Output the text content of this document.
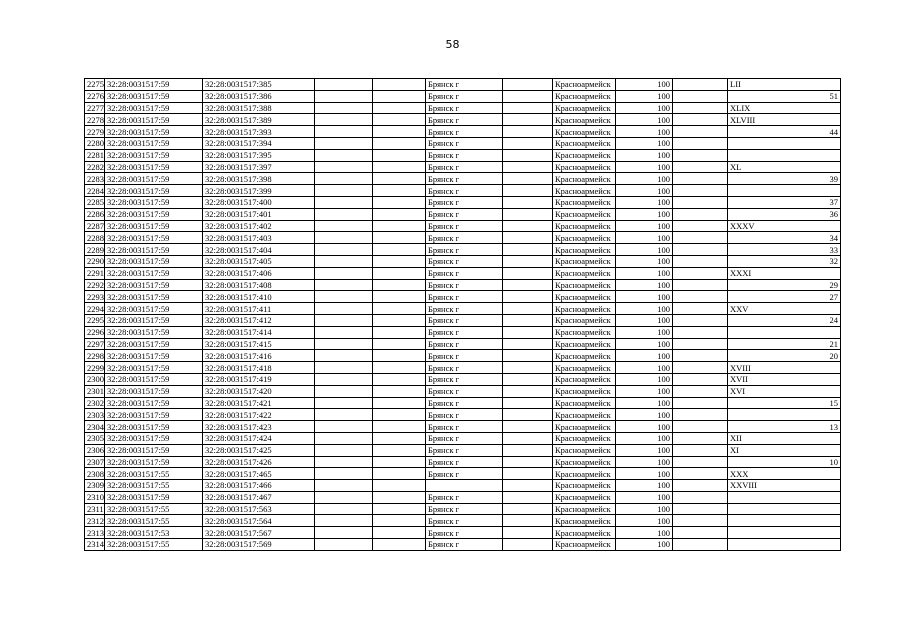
58
2275	32:28:0031517:59	32:28:0031517:385			Брянск г		Красноармейск	100		LII
2276	32:28:0031517:59	32:28:0031517:386			Брянск г		Красноармейск	100		51
2277	32:28:0031517:59	32:28:0031517:388			Брянск г		Красноармейск	100		XLIX
2278	32:28:0031517:59	32:28:0031517:389			Брянск г		Красноармейск	100		XLVIII
2279	32:28:0031517:59	32:28:0031517:393			Брянск г		Красноармейск	100		44
2280	32:28:0031517:59	32:28:0031517:394			Брянск г		Красноармейск	100		
2281	32:28:0031517:59	32:28:0031517:395			Брянск г		Красноармейск	100		
2282	32:28:0031517:59	32:28:0031517:397			Брянск г		Красноармейск	100		XL
2283	32:28:0031517:59	32:28:0031517:398			Брянск г		Красноармейск	100		39
2284	32:28:0031517:59	32:28:0031517:399			Брянск г		Красноармейск	100		
2285	32:28:0031517:59	32:28:0031517:400			Брянск г		Красноармейск	100		37
2286	32:28:0031517:59	32:28:0031517:401			Брянск г		Красноармейск	100		36
2287	32:28:0031517:59	32:28:0031517:402			Брянск г		Красноармейск	100		XXXV
2288	32:28:0031517:59	32:28:0031517:403			Брянск г		Красноармейск	100		34
2289	32:28:0031517:59	32:28:0031517:404			Брянск г		Красноармейск	100		33
2290	32:28:0031517:59	32:28:0031517:405			Брянск г		Красноармейск	100		32
2291	32:28:0031517:59	32:28:0031517:406			Брянск г		Красноармейск	100		XXXI
2292	32:28:0031517:59	32:28:0031517:408			Брянск г		Красноармейск	100		29
2293	32:28:0031517:59	32:28:0031517:410			Брянск г		Красноармейск	100		27
2294	32:28:0031517:59	32:28:0031517:411			Брянск г		Красноармейск	100		XXV
2295	32:28:0031517:59	32:28:0031517:412			Брянск г		Красноармейск	100		24
2296	32:28:0031517:59	32:28:0031517:414			Брянск г		Красноармейск	100		
2297	32:28:0031517:59	32:28:0031517:415			Брянск г		Красноармейск	100		21
2298	32:28:0031517:59	32:28:0031517:416			Брянск г		Красноармейск	100		20
2299	32:28:0031517:59	32:28:0031517:418			Брянск г		Красноармейск	100		XVIII
2300	32:28:0031517:59	32:28:0031517:419			Брянск г		Красноармейск	100		XVII
2301	32:28:0031517:59	32:28:0031517:420			Брянск г		Красноармейск	100		XVI
2302	32:28:0031517:59	32:28:0031517:421			Брянск г		Красноармейск	100		15
2303	32:28:0031517:59	32:28:0031517:422			Брянск г		Красноармейск	100		
2304	32:28:0031517:59	32:28:0031517:423			Брянск г		Красноармейск	100		13
2305	32:28:0031517:59	32:28:0031517:424			Брянск г		Красноармейск	100		XII
2306	32:28:0031517:59	32:28:0031517:425			Брянск г		Красноармейск	100		XI
2307	32:28:0031517:59	32:28:0031517:426			Брянск г		Красноармейск	100		10
2308	32:28:0031517:55	32:28:0031517:465			Брянск г		Красноармейск	100		XXX
2309	32:28:0031517:55	32:28:0031517:466					Красноармейск	100		XXVIII
2310	32:28:0031517:59	32:28:0031517:467			Брянск г		Красноармейск	100		
2311	32:28:0031517:55	32:28:0031517:563			Брянск г		Красноармейск	100		
2312	32:28:0031517:55	32:28:0031517:564			Брянск г		Красноармейск	100		
2313	32:28:0031517:53	32:28:0031517:567			Брянск г		Красноармейск	100		
2314	32:28:0031517:55	32:28:0031517:569			Брянск г		Красноармейск	100		
